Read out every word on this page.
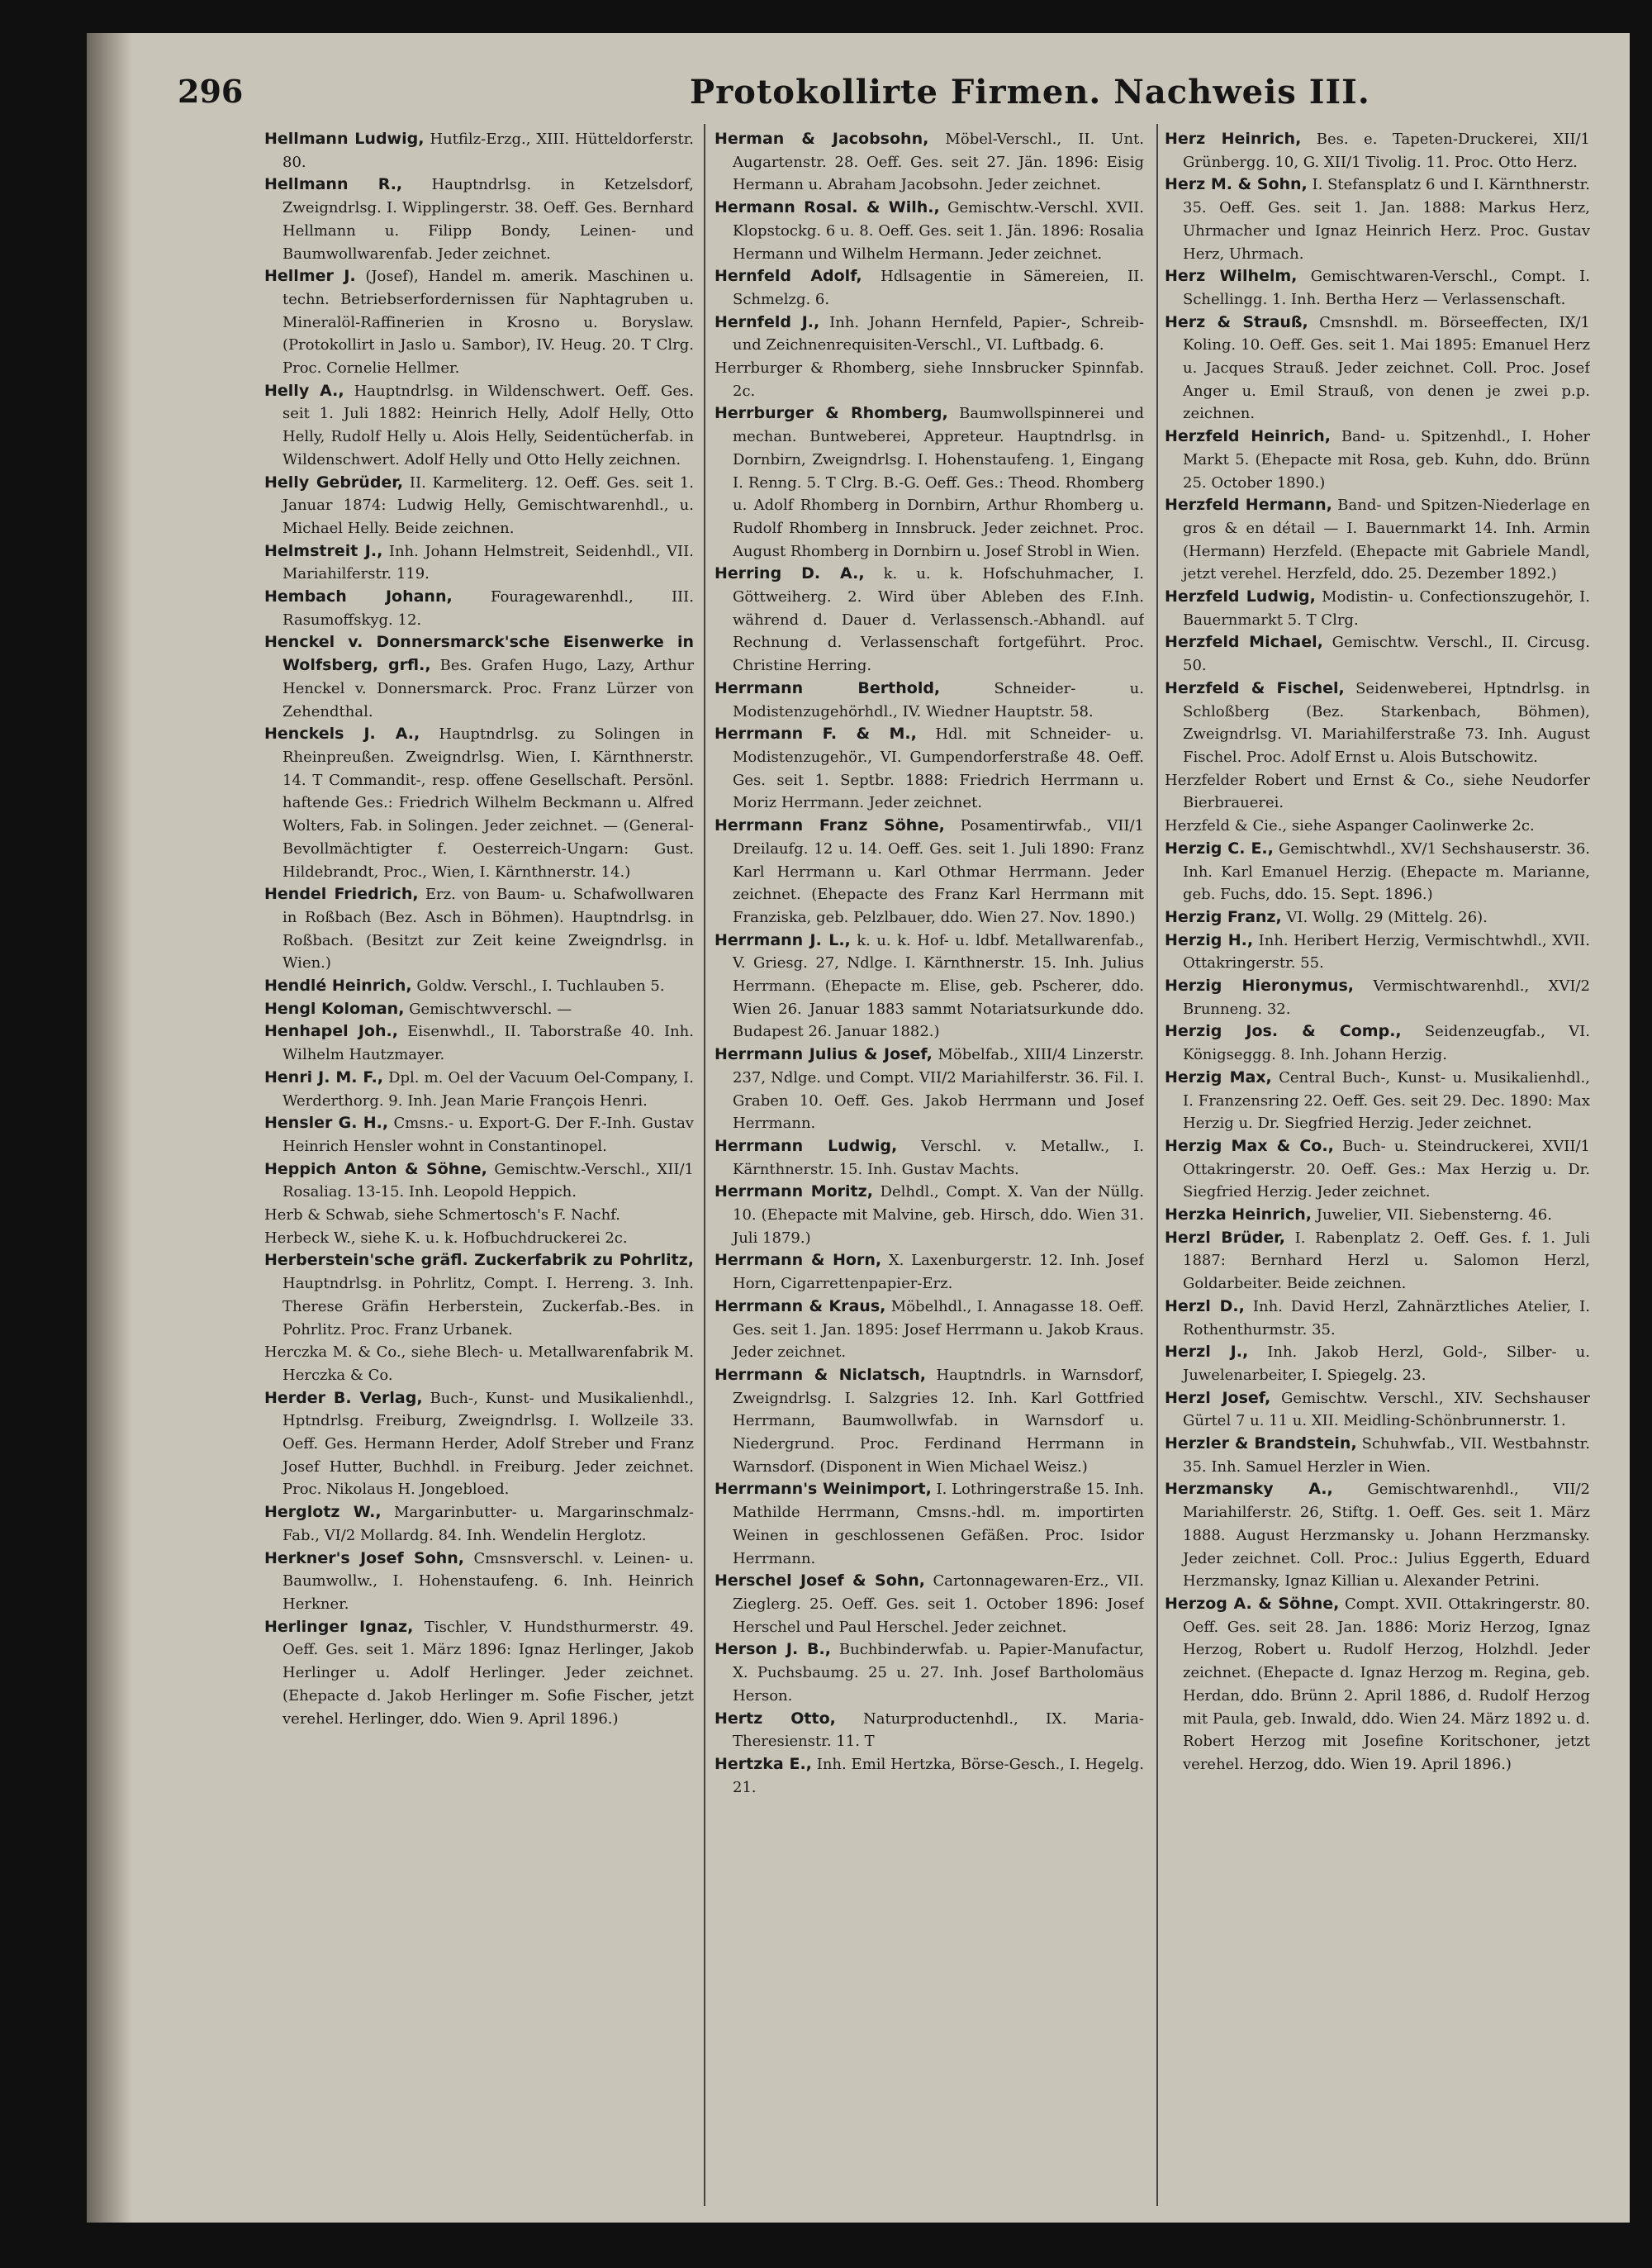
296	Protokollirte Firmen. Nachweis III.
Hellmann Ludwig, Hutfilz-Erzg., XIII. Hütteldorferstr. 80.
Hellmann R., Hauptndrlsg. in Ketzelsdorf, Zweigndrlsg. I. Wipplingerstr. 38. Oeff. Ges. Bernhard Hellmann u. Filipp Bondy, Leinen- und Baumwollwarenfab. Jeder zeichnet.
Hellmer J. (Josef), Handel m. amerik. Maschinen u. techn. Betriebserfordernissen für Naphtagruben u. Mineralöl-Raffinerien in Krosno u. Boryslaw. (Protokollirt in Jaslo u. Sambor), IV. Heug. 20. T Clrg. Proc. Cornelie Hellmer.
Helly A., Hauptndrlsg. in Wildenschwert. Oeff. Ges. seit 1. Juli 1882: Heinrich Helly, Adolf Helly, Otto Helly, Rudolf Helly u. Alois Helly, Seidentücherfab. in Wildenschwert. Adolf Helly und Otto Helly zeichnen.
Helly Gebrüder, II. Karmeliterg. 12. Oeff. Ges. seit 1. Januar 1874: Ludwig Helly, Gemischtwarenhdl., u. Michael Helly. Beide zeichnen.
Helmstreit J., Inh. Johann Helmstreit, Seidenhdl., VII. Mariahilferstr. 119.
Hembach Johann, Fouragewarenhdl., III. Rasumoffskyg. 12.
Henckel v. Donnersmarck'sche Eisenwerke in Wolfsberg, grfl., Bes. Grafen Hugo, Lazy, Arthur Henckel v. Donnersmarck. Proc. Franz Lürzer von Zehendthal.
Henckels J. A., Hauptndrlsg. zu Solingen in Rheinpreußen. Zweigndrlsg. Wien, I. Kärnthnerstr. 14. T Commandit-, resp. offene Gesellschaft. Persönl. haftende Ges.: Friedrich Wilhelm Beckmann u. Alfred Wolters, Fab. in Solingen. Jeder zeichnet. — (General-Bevollmächtigter f. Oesterreich-Ungarn: Gust. Hildebrandt, Proc., Wien, I. Kärnthnerstr. 14.)
Hendel Friedrich, Erz. von Baum- u. Schafwollwaren in Roßbach (Bez. Asch in Böhmen). Hauptndrlsg. in Roßbach. (Besitzt zur Zeit keine Zweigndrlsg. in Wien.)
Hendlé Heinrich, Goldw. Verschl., I. Tuchlauben 5.
Hengl Koloman, Gemischtwverschl. —
Henhapel Joh., Eisenwhdl., II. Taborstraße 40. Inh. Wilhelm Hautzmayer.
Henri J. M. F., Dpl. m. Oel der Vacuum Oel-Company, I. Werderthorg. 9. Inh. Jean Marie François Henri.
Hensler G. H., Cmsns.- u. Export-G. Der F.-Inh. Gustav Heinrich Hensler wohnt in Constantinopel.
Heppich Anton & Söhne, Gemischtw.-Verschl., XII/1 Rosaliag. 13-15. Inh. Leopold Heppich.
Herb & Schwab, siehe Schmertosch's F. Nachf.
Herbeck W., siehe K. u. k. Hofbuchdruckerei 2c.
Herberstein'sche gräfl. Zuckerfabrik zu Pohrlitz, Hauptndrlsg. in Pohrlitz, Compt. I. Herreng. 3. Inh. Therese Gräfin Herberstein, Zuckerfab.-Bes. in Pohrlitz. Proc. Franz Urbanek.
Herczka M. & Co., siehe Blech- u. Metallwarenfabrik M. Herczka & Co.
Herder B. Verlag, Buch-, Kunst- und Musikalienhdl., Hptndrlsg. Freiburg, Zweigndrlsg. I. Wollzeile 33. Oeff. Ges. Hermann Herder, Adolf Streber und Franz Josef Hutter, Buchhdl. in Freiburg. Jeder zeichnet. Proc. Nikolaus H. Jongebloed.
Herglotz W., Margarinbutter- u. Margarinschmalz-Fab., VI/2 Mollardg. 84. Inh. Wendelin Herglotz.
Herkner's Josef Sohn, Cmsnsverschl. v. Leinen- u. Baumwollw., I. Hohenstaufeng. 6. Inh. Heinrich Herkner.
Herlinger Ignaz, Tischler, V. Hundsthurmerstr. 49. Oeff. Ges. seit 1. März 1896: Ignaz Herlinger, Jakob Herlinger u. Adolf Herlinger. Jeder zeichnet. (Ehepacte d. Jakob Herlinger m. Sofie Fischer, jetzt verehel. Herlinger, ddo. Wien 9. April 1896.)
Herman & Jacobsohn, Möbel-Verschl., II. Unt. Augartenstr. 28. Oeff. Ges. seit 27. Jän. 1896: Eisig Hermann u. Abraham Jacobsohn. Jeder zeichnet.
Hermann Rosal. & Wilh., Gemischtw.-Verschl. XVII. Klopstockg. 6 u. 8. Oeff. Ges. seit 1. Jän. 1896: Rosalia Hermann und Wilhelm Hermann. Jeder zeichnet.
Hernfeld Adolf, Hdlsagentie in Sämereien, II. Schmelzg. 6.
Hernfeld J., Inh. Johann Hernfeld, Papier-, Schreib- und Zeichnenrequisiten-Verschl., VI. Luftbadg. 6.
Herrburger & Rhomberg, siehe Innsbrucker Spinnfab. 2c.
Herrburger & Rhomberg, Baumwollspinnerei und mechan. Buntweberei, Appreteur. Hauptndrlsg. in Dornbirn, Zweigndrlsg. I. Hohenstaufeng. 1, Eingang I. Renng. 5. T Clrg. B.-G. Oeff. Ges.: Theod. Rhomberg u. Adolf Rhomberg in Dornbirn, Arthur Rhomberg u. Rudolf Rhomberg in Innsbruck. Jeder zeichnet. Proc. August Rhomberg in Dornbirn u. Josef Strobl in Wien.
Herring D. A., k. u. k. Hofschuhmacher, I. Göttweiherg. 2. Wird über Ableben des F.Inh. während d. Dauer d. Verlassensch.-Abhandl. auf Rechnung d. Verlassenschaft fortgeführt. Proc. Christine Herring.
Herrmann Berthold, Schneider- u. Modistenzugehörhdl., IV. Wiedner Hauptstr. 58.
Herrmann F. & M., Hdl. mit Schneider- u. Modistenzugehör., VI. Gumpendorferstraße 48. Oeff. Ges. seit 1. Septbr. 1888: Friedrich Herrmann u. Moriz Herrmann. Jeder zeichnet.
Herrmann Franz Söhne, Posamentirwfab., VII/1 Dreilaufg. 12 u. 14. Oeff. Ges. seit 1. Juli 1890: Franz Karl Herrmann u. Karl Othmar Herrmann. Jeder zeichnet. (Ehepacte des Franz Karl Herrmann mit Franziska, geb. Pelzlbauer, ddo. Wien 27. Nov. 1890.)
Herrmann J. L., k. u. k. Hof- u. ldbf. Metallwarenfab., V. Griesg. 27, Ndlge. I. Kärnthnerstr. 15. Inh. Julius Herrmann. (Ehepacte m. Elise, geb. Pscherer, ddo. Wien 26. Januar 1883 sammt Notariatsurkunde ddo. Budapest 26. Januar 1882.)
Herrmann Julius & Josef, Möbelfab., XIII/4 Linzerstr. 237, Ndlge. und Compt. VII/2 Mariahilferstr. 36. Fil. I. Graben 10. Oeff. Ges. Jakob Herrmann und Josef Herrmann.
Herrmann Ludwig, Verschl. v. Metallw., I. Kärnthnerstr. 15. Inh. Gustav Machts.
Herrmann Moritz, Delhdl., Compt. X. Van der Nüllg. 10. (Ehepacte mit Malvine, geb. Hirsch, ddo. Wien 31. Juli 1879.)
Herrmann & Horn, X. Laxenburgerstr. 12. Inh. Josef Horn, Cigarrettenpapier-Erz.
Herrmann & Kraus, Möbelhdl., I. Annagasse 18. Oeff. Ges. seit 1. Jan. 1895: Josef Herrmann u. Jakob Kraus. Jeder zeichnet.
Herrmann & Niclatsch, Hauptndrls. in Warnsdorf, Zweigndrlsg. I. Salzgries 12. Inh. Karl Gottfried Herrmann, Baumwollwfab. in Warnsdorf u. Niedergrund. Proc. Ferdinand Herrmann in Warnsdorf. (Disponent in Wien Michael Weisz.)
Herrmann's Weinimport, I. Lothringerstraße 15. Inh. Mathilde Herrmann, Cmsns.-hdl. m. importirten Weinen in geschlossenen Gefäßen. Proc. Isidor Herrmann.
Herschel Josef & Sohn, Cartonnagewaren-Erz., VII. Zieglerg. 25. Oeff. Ges. seit 1. October 1896: Josef Herschel und Paul Herschel. Jeder zeichnet.
Herson J. B., Buchbinderwfab. u. Papier-Manufactur, X. Puchsbaumg. 25 u. 27. Inh. Josef Bartholomäus Herson.
Hertz Otto, Naturproductenhdl., IX. Maria-Theresienstr. 11. T
Hertzka E., Inh. Emil Hertzka, Börse-Gesch., I. Hegelg. 21.
Herz Heinrich, Bes. e. Tapeten-Druckerei, XII/1 Grünbergg. 10, G. XII/1 Tivolig. 11. Proc. Otto Herz.
Herz M. & Sohn, I. Stefansplatz 6 und I. Kärnthnerstr. 35. Oeff. Ges. seit 1. Jan. 1888: Markus Herz, Uhrmacher und Ignaz Heinrich Herz. Proc. Gustav Herz, Uhrmach.
Herz Wilhelm, Gemischtwaren-Verschl., Compt. I. Schellingg. 1. Inh. Bertha Herz — Verlassenschaft.
Herz & Strauß, Cmsnshdl. m. Börseeffecten, IX/1 Koling. 10. Oeff. Ges. seit 1. Mai 1895: Emanuel Herz u. Jacques Strauß. Jeder zeichnet. Coll. Proc. Josef Anger u. Emil Strauß, von denen je zwei p.p. zeichnen.
Herzfeld Heinrich, Band- u. Spitzenhdl., I. Hoher Markt 5. (Ehepacte mit Rosa, geb. Kuhn, ddo. Brünn 25. October 1890.)
Herzfeld Hermann, Band- und Spitzen-Niederlage en gros & en détail — I. Bauernmarkt 14. Inh. Armin (Hermann) Herzfeld. (Ehepacte mit Gabriele Mandl, jetzt verehel. Herzfeld, ddo. 25. Dezember 1892.)
Herzfeld Ludwig, Modistin- u. Confectionszugehör, I. Bauernmarkt 5. T Clrg.
Herzfeld Michael, Gemischtw. Verschl., II. Circusg. 50.
Herzfeld & Fischel, Seidenweberei, Hptndrlsg. in Schloßberg (Bez. Starkenbach, Böhmen), Zweigndrlsg. VI. Mariahilferstraße 73. Inh. August Fischel. Proc. Adolf Ernst u. Alois Butschowitz.
Herzfelder Robert und Ernst & Co., siehe Neudorfer Bierbrauerei.
Herzfeld & Cie., siehe Aspanger Caolinwerke 2c.
Herzig C. E., Gemischtwhdl., XV/1 Sechshauserstr. 36. Inh. Karl Emanuel Herzig. (Ehepacte m. Marianne, geb. Fuchs, ddo. 15. Sept. 1896.)
Herzig Franz, VI. Wollg. 29 (Mittelg. 26).
Herzig H., Inh. Heribert Herzig, Vermischtwhdl., XVII. Ottakringerstr. 55.
Herzig Hieronymus, Vermischtwarenhdl., XVI/2 Brunneng. 32.
Herzig Jos. & Comp., Seidenzeugfab., VI. Königseggg. 8. Inh. Johann Herzig.
Herzig Max, Central Buch-, Kunst- u. Musikalienhdl., I. Franzensring 22. Oeff. Ges. seit 29. Dec. 1890: Max Herzig u. Dr. Siegfried Herzig. Jeder zeichnet.
Herzig Max & Co., Buch- u. Steindruckerei, XVII/1 Ottakringerstr. 20. Oeff. Ges.: Max Herzig u. Dr. Siegfried Herzig. Jeder zeichnet.
Herzka Heinrich, Juwelier, VII. Siebensterng. 46.
Herzl Brüder, I. Rabenplatz 2. Oeff. Ges. f. 1. Juli 1887: Bernhard Herzl u. Salomon Herzl, Goldarbeiter. Beide zeichnen.
Herzl D., Inh. David Herzl, Zahnärztliches Atelier, I. Rothenthurmstr. 35.
Herzl J., Inh. Jakob Herzl, Gold-, Silber- u. Juwelenarbeiter, I. Spiegelg. 23.
Herzl Josef, Gemischtw. Verschl., XIV. Sechshauser Gürtel 7 u. 11 u. XII. Meidling-Schönbrunnerstr. 1.
Herzler & Brandstein, Schuhwfab., VII. Westbahnstr. 35. Inh. Samuel Herzler in Wien.
Herzmansky A., Gemischtwarenhdl., VII/2 Mariahilferstr. 26, Stiftg. 1. Oeff. Ges. seit 1. März 1888. August Herzmansky u. Johann Herzmansky. Jeder zeichnet. Coll. Proc.: Julius Eggerth, Eduard Herzmansky, Ignaz Killian u. Alexander Petrini.
Herzog A. & Söhne, Compt. XVII. Ottakringerstr. 80. Oeff. Ges. seit 28. Jan. 1886: Moriz Herzog, Ignaz Herzog, Robert u. Rudolf Herzog, Holzhdl. Jeder zeichnet. (Ehepacte d. Ignaz Herzog m. Regina, geb. Herdan, ddo. Brünn 2. April 1886, d. Rudolf Herzog mit Paula, geb. Inwald, ddo. Wien 24. März 1892 u. d. Robert Herzog mit Josefine Koritschoner, jetzt verehel. Herzog, ddo. Wien 19. April 1896.)
